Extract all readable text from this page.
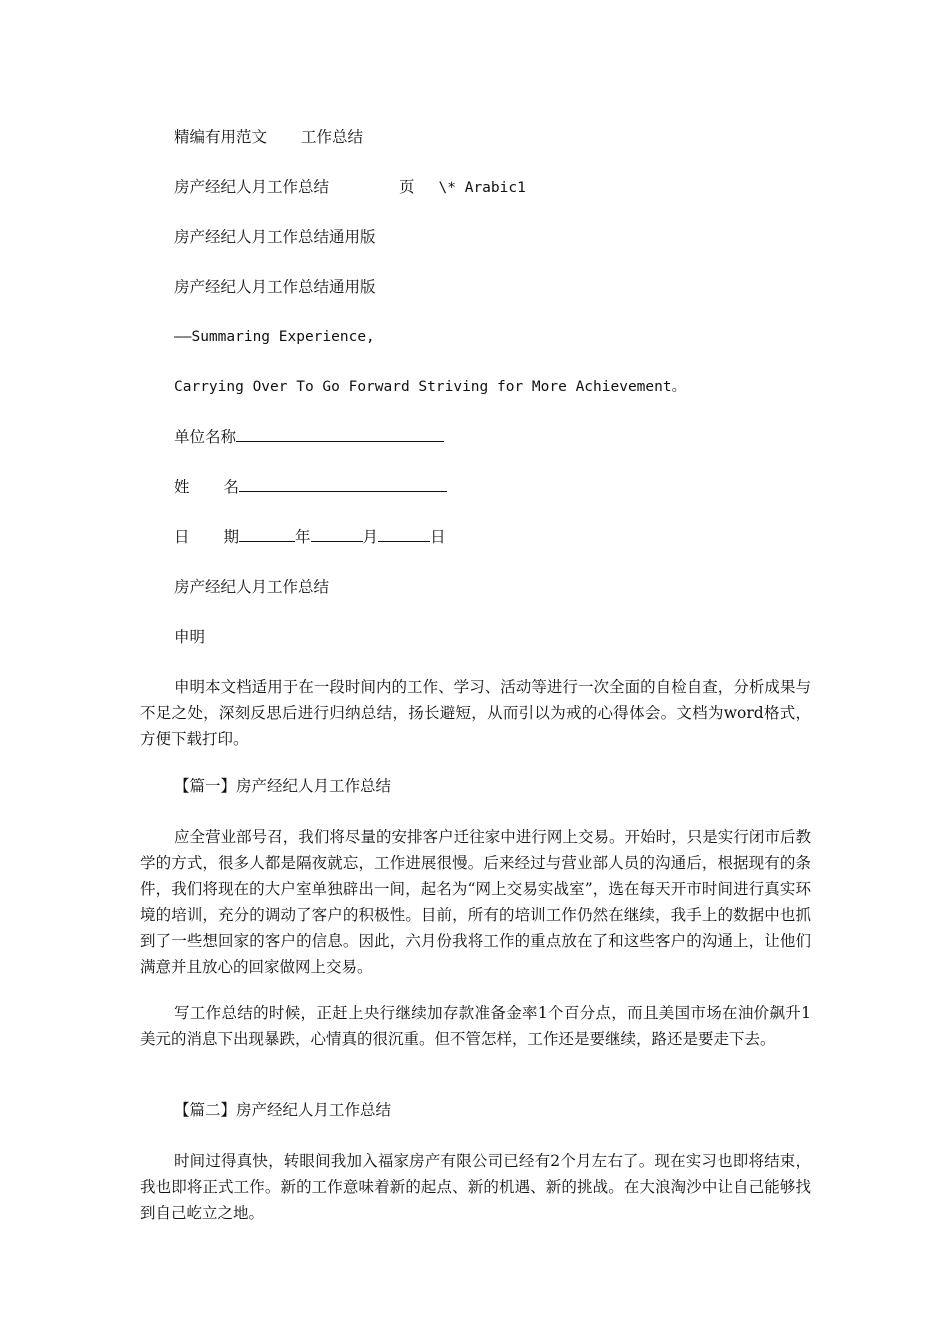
精编有用范文 工作总结
房产经纪人月工作总结	页 \* Arabic1
房产经纪人月工作总结通用版
房产经纪人月工作总结通用版
——Summaring Experience,
Carrying Over To Go Forward Striving for More Achievement。
单位名称
姓 名
日 期	年	月	日
房产经纪人月工作总结
申明
申明本文档适用于在一段时间内的工作、学习、活动等进行一次全面的自检自查，分析成果与不足之处，深刻反思后进行归纳总结，扬长避短，从而引以为戒的心得体会。文档为word格式，方便下载打印。
【篇一】房产经纪人月工作总结
应全营业部号召，我们将尽量的安排客户迁往家中进行网上交易。开始时，只是实行闭市后教学的方式，很多人都是隔夜就忘，工作进展很慢。后来经过与营业部人员的沟通后，根据现有的条件，我们将现在的大户室单独辟出一间，起名为“网上交易实战室”，选在每天开市时间进行真实环境的培训，充分的调动了客户的积极性。目前，所有的培训工作仍然在继续，我手上的数据中也抓到了一些想回家的客户的信息。因此，六月份我将工作的重点放在了和这些客户的沟通上，让他们满意并且放心的回家做网上交易。
写工作总结的时候，正赶上央行继续加存款准备金率1个百分点，而且美国市场在油价飙升1美元的消息下出现暴跌，心情真的很沉重。但不管怎样，工作还是要继续，路还是要走下去。
【篇二】房产经纪人月工作总结
时间过得真快，转眼间我加入福家房产有限公司已经有2个月左右了。现在实习也即将结束，我也即将正式工作。新的工作意味着新的起点、新的机遇、新的挑战。在大浪淘沙中让自己能够找到自己屹立之地。
